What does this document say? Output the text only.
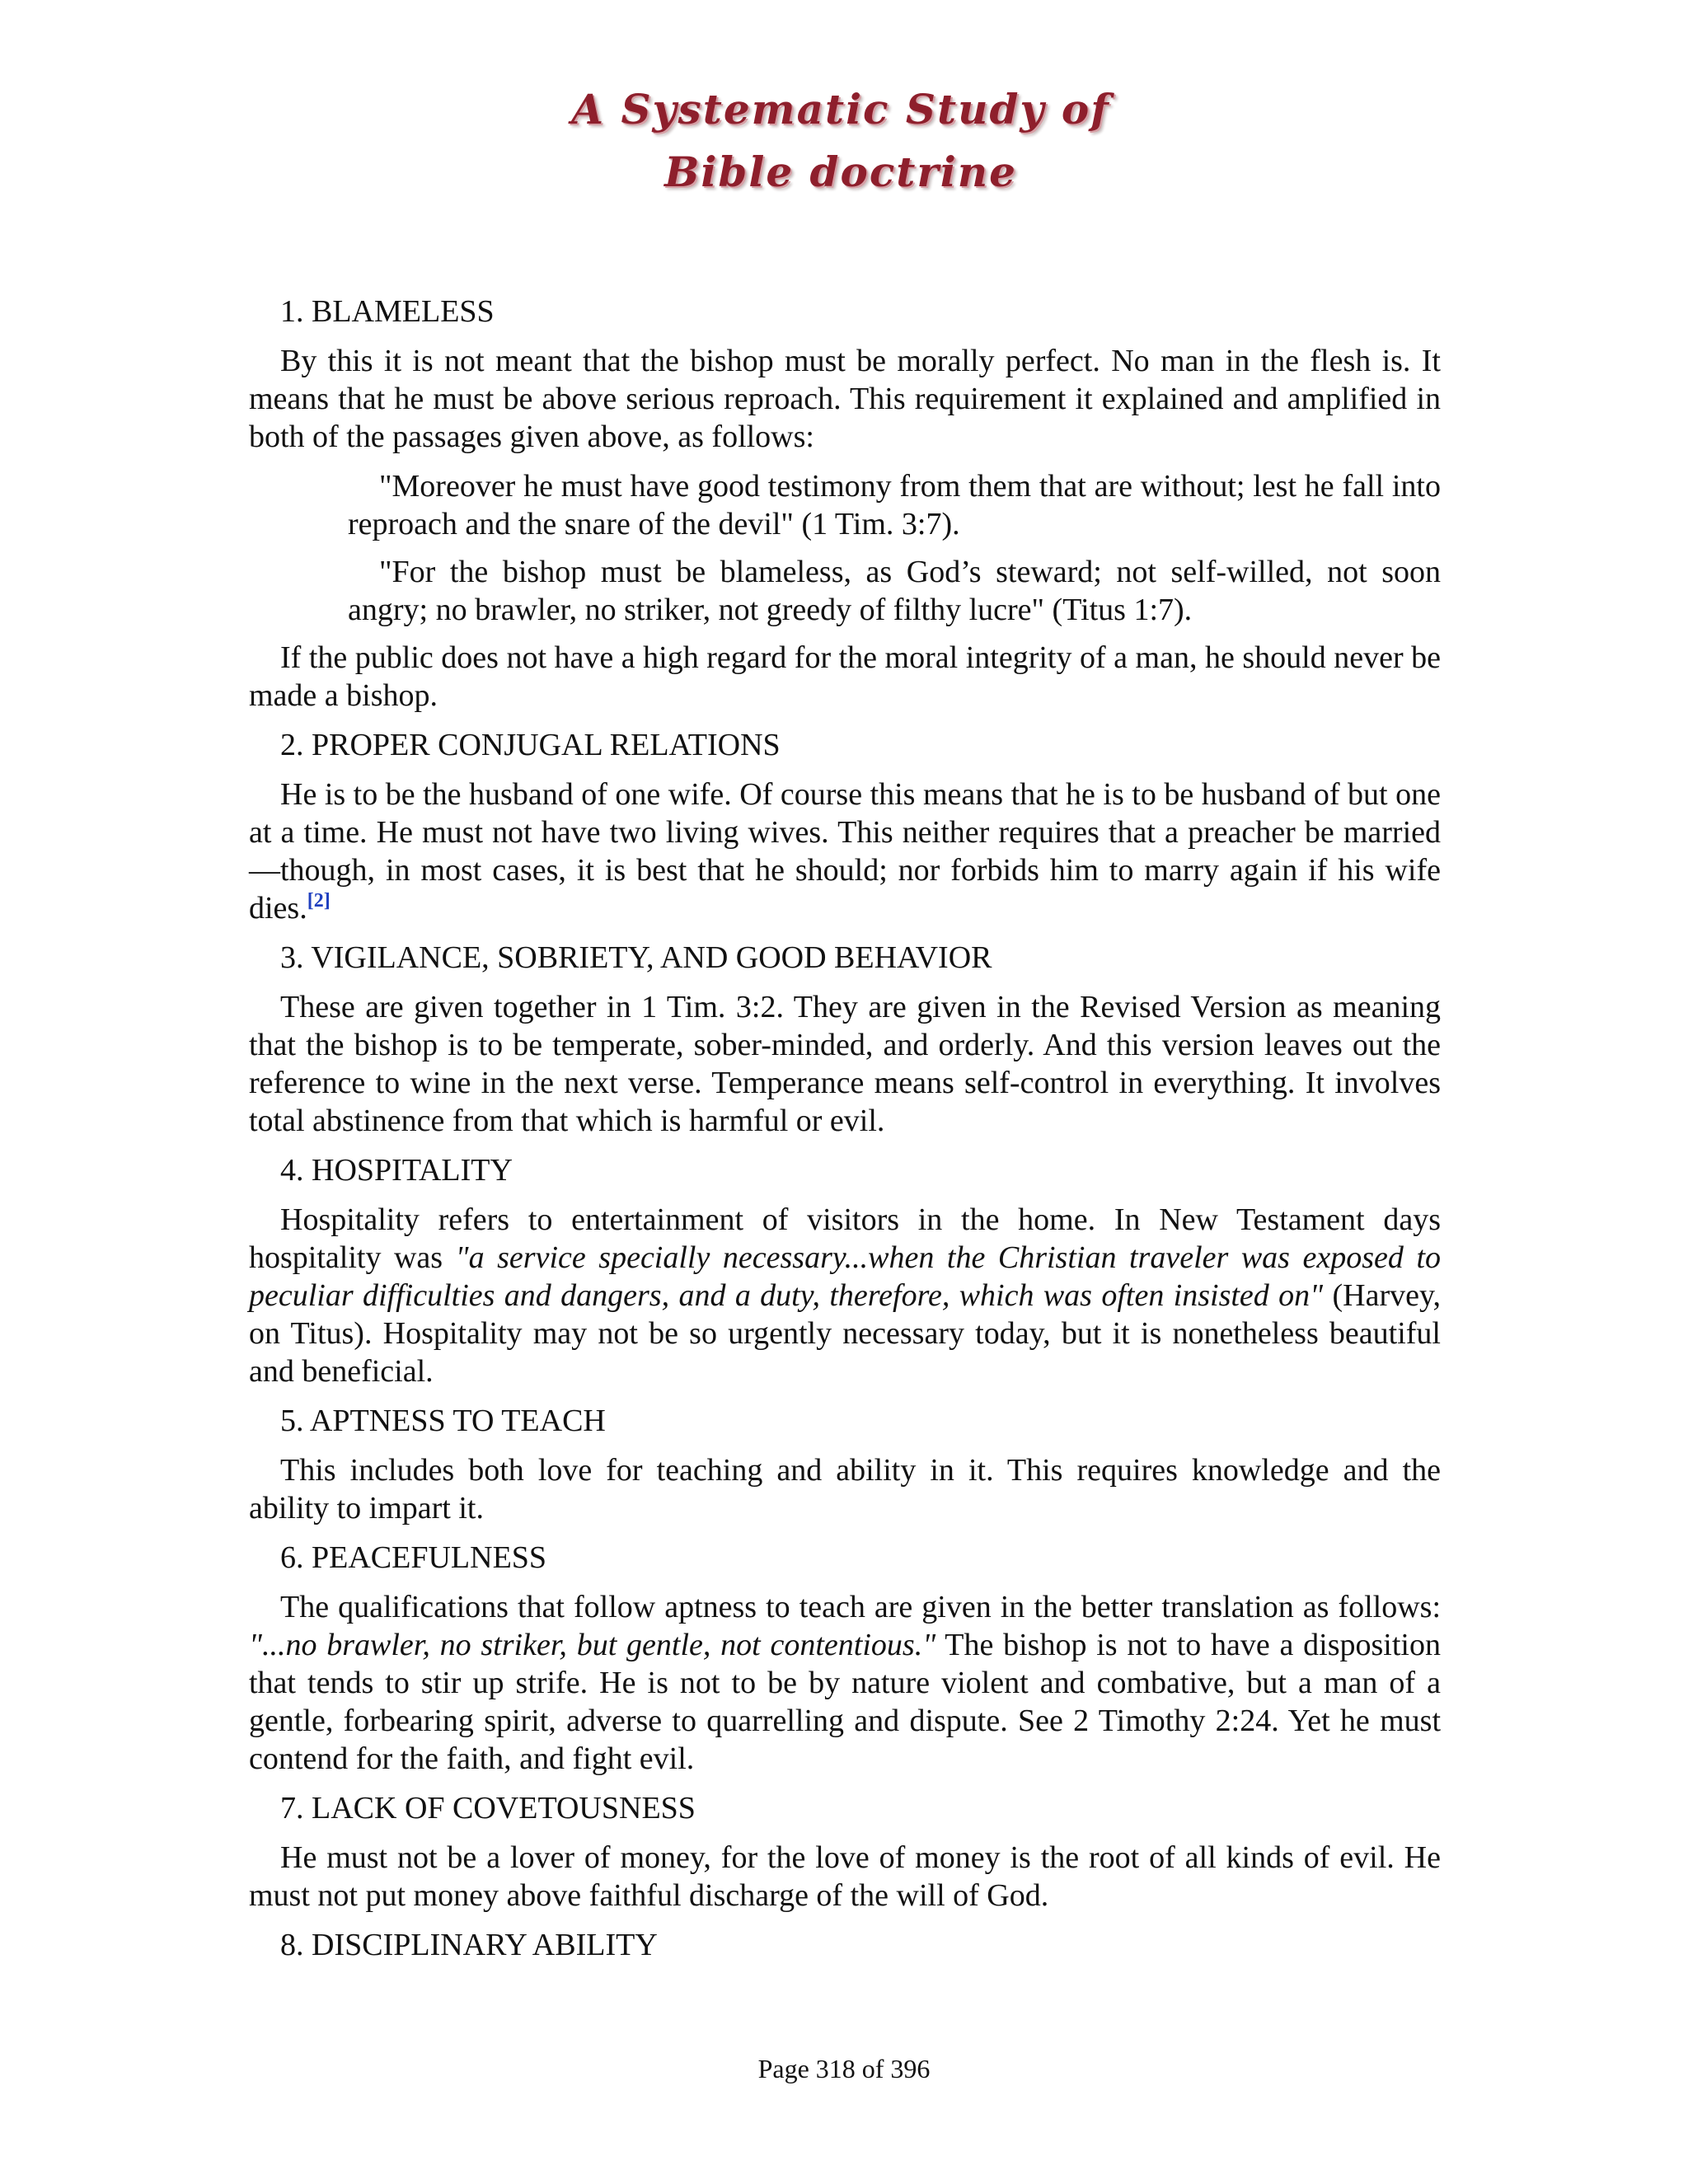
A Systematic Study of
Bible doctrine
1. BLAMELESS
By this it is not meant that the bishop must be morally perfect. No man in the flesh is. It means that he must be above serious reproach. This requirement it explained and amplified in both of the passages given above, as follows:
"Moreover he must have good testimony from them that are without; lest he fall into reproach and the snare of the devil" (1 Tim. 3:7).
"For the bishop must be blameless, as God’s steward; not self-willed, not soon angry; no brawler, no striker, not greedy of filthy lucre" (Titus 1:7).
If the public does not have a high regard for the moral integrity of a man, he should never be made a bishop.
2. PROPER CONJUGAL RELATIONS
He is to be the husband of one wife. Of course this means that he is to be husband of but one at a time. He must not have two living wives. This neither requires that a preacher be married—though, in most cases, it is best that he should; nor forbids him to marry again if his wife dies.[2]
3. VIGILANCE, SOBRIETY, AND GOOD BEHAVIOR
These are given together in 1 Tim. 3:2. They are given in the Revised Version as meaning that the bishop is to be temperate, sober-minded, and orderly. And this version leaves out the reference to wine in the next verse. Temperance means self-control in everything. It involves total abstinence from that which is harmful or evil.
4. HOSPITALITY
Hospitality refers to entertainment of visitors in the home. In New Testament days hospitality was "a service specially necessary...when the Christian traveler was exposed to peculiar difficulties and dangers, and a duty, therefore, which was often insisted on" (Harvey, on Titus). Hospitality may not be so urgently necessary today, but it is nonetheless beautiful and beneficial.
5. APTNESS TO TEACH
This includes both love for teaching and ability in it. This requires knowledge and the ability to impart it.
6. PEACEFULNESS
The qualifications that follow aptness to teach are given in the better translation as follows: "...no brawler, no striker, but gentle, not contentious." The bishop is not to have a disposition that tends to stir up strife. He is not to be by nature violent and combative, but a man of a gentle, forbearing spirit, adverse to quarrelling and dispute. See 2 Timothy 2:24. Yet he must contend for the faith, and fight evil.
7. LACK OF COVETOUSNESS
He must not be a lover of money, for the love of money is the root of all kinds of evil. He must not put money above faithful discharge of the will of God.
8. DISCIPLINARY ABILITY
Page 318 of 396
